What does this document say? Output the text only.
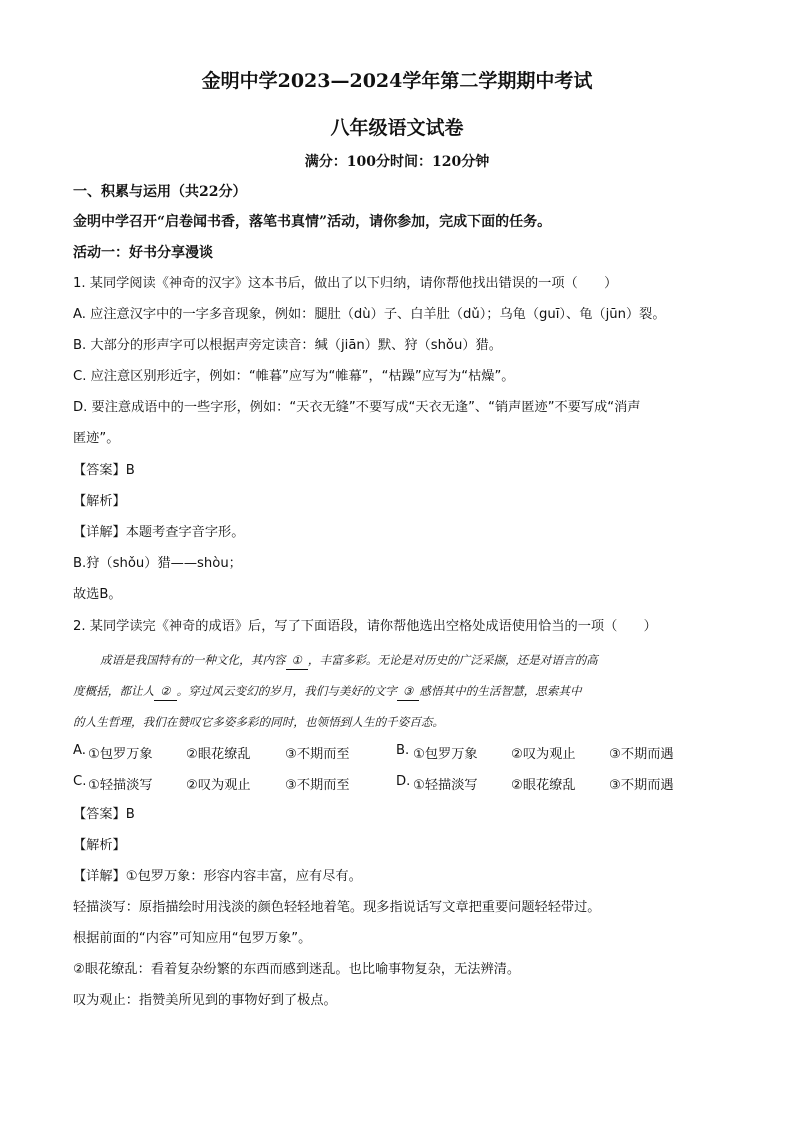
金明中学2023—2024学年第二学期期中考试
八年级语文试卷
满分：100分时间：120分钟
一、积累与运用（共22分）
金明中学召开“启卷闻书香，落笔书真情”活动，请你参加，完成下面的任务。
活动一：好书分享漫谈
1. 某同学阅读《神奇的汉字》这本书后，做出了以下归纳，请你帮他找出错误的一项（　　）
A. 应注意汉字中的一字多音现象，例如：腿肚（dù）子、白羊肚（dǔ）；乌龟（guī）、龟（jūn）裂。
B. 大部分的形声字可以根据声旁定读音：缄（jiān）默、狩（shǒu）猎。
C. 应注意区别形近字，例如：“帷暮”应写为“帷幕”，“枯躁”应写为“枯燥”。
D. 要注意成语中的一些字形，例如：“天衣无缝”不要写成“天衣无逢”、“销声匿迹”不要写成“消声
匿迹”。
【答案】B
【解析】
【详解】本题考查字音字形。
B.狩（shǒu）猎——shòu；
故选B。
2. 某同学读完《神奇的成语》后，写了下面语段，请你帮他选出空格处成语使用恰当的一项（　　）
成语是我国特有的一种文化，其内容 ① ，丰富多彩。无论是对历史的广泛采撷，还是对语言的高
度概括，都让人 ② 。穿过风云变幻的岁月，我们与美好的文字 ③ 感悟其中的生活智慧，思索其中
的人生哲理，我们在赞叹它多姿多彩的同时，也领悟到人生的千姿百态。
A. ①包罗万象	②眼花缭乱	③不期而至	B. ①包罗万象	②叹为观止	③不期而遇
C. ①轻描淡写	②叹为观止	③不期而至	D. ①轻描淡写	②眼花缭乱	③不期而遇
【答案】B
【解析】
【详解】①包罗万象：形容内容丰富，应有尽有。
轻描淡写：原指描绘时用浅淡的颜色轻轻地着笔。现多指说话写文章把重要问题轻轻带过。
根据前面的“内容”可知应用“包罗万象”。
②眼花缭乱：看着复杂纷繁的东西而感到迷乱。也比喻事物复杂，无法辨清。
叹为观止：指赞美所见到的事物好到了极点。
